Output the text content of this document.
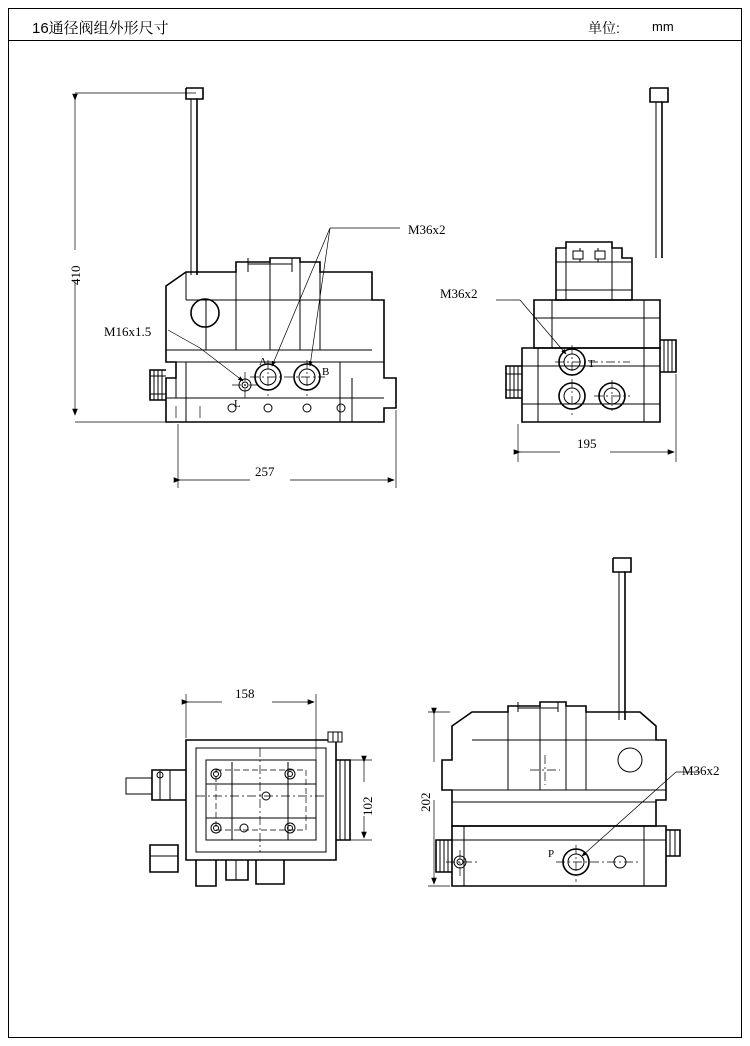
16通径阀组外形尺寸	单位: mm
410
257
M36x2
M16x1.5
A
B
L
195
M36x2
T
158
102	202
M36x2
P
